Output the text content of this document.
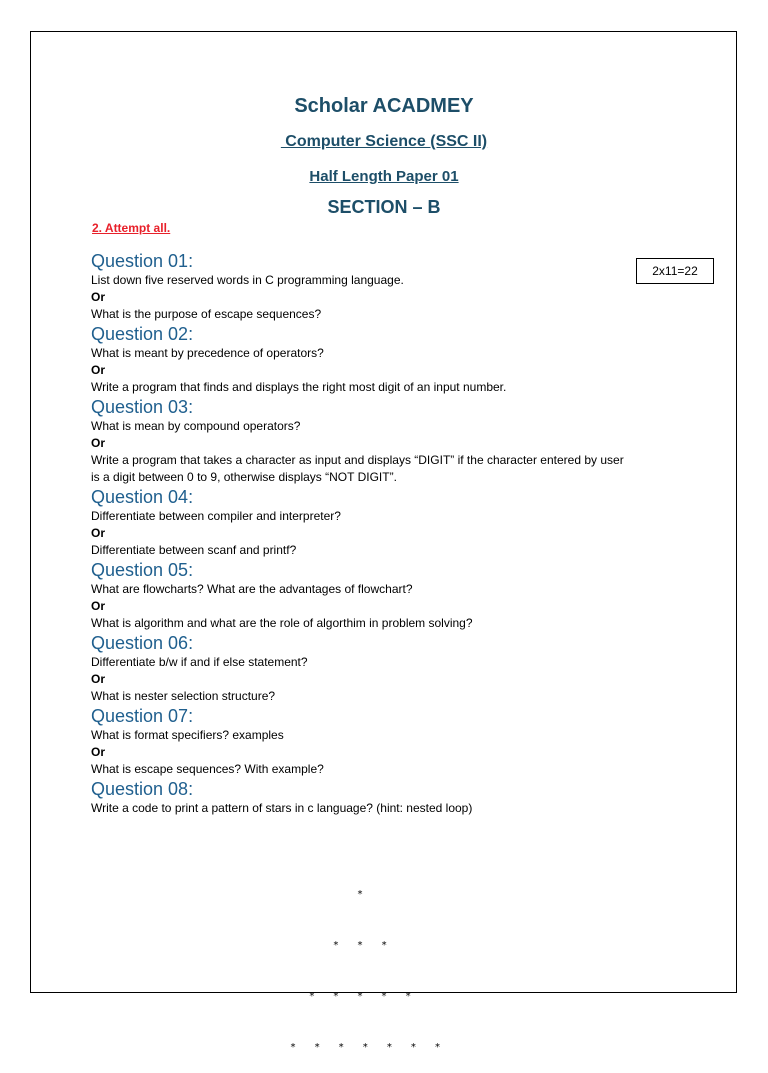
Scholar ACADMEY
Computer Science (SSC II)
Half Length Paper 01
SECTION – B
2. Attempt all.
2x11=22

Question 01:

List down five reserved words in C programming language.

Or

What is the purpose of escape sequences?

Question 02:

What is meant by precedence of operators?

Or

Write a program that finds and displays the right most digit of an input number.

Question 03:

What is mean by compound operators?

Or

Write a program that takes a character as input and displays “DIGIT” if the character entered by user

is a digit between 0 to 9, otherwise displays “NOT DIGIT”.

Question 04:

Differentiate between compiler and interpreter?

Or

Differentiate between scanf and printf?

Question 05:

What are flowcharts? What are the advantages of flowchart?

Or

What is algorithm and what are the role of algorthim in problem solving?

Question 06:

Differentiate b/w if and if else statement?

Or

What is nester selection structure?

Question 07:

What is format specifiers? examples

Or

What is escape sequences? With example?

Question 08:

Write a code to print a pattern of stars in c language? (hint: nested loop)

*

*   *   *

*   *   *   *   *

*   *   *   *   *   *   *
